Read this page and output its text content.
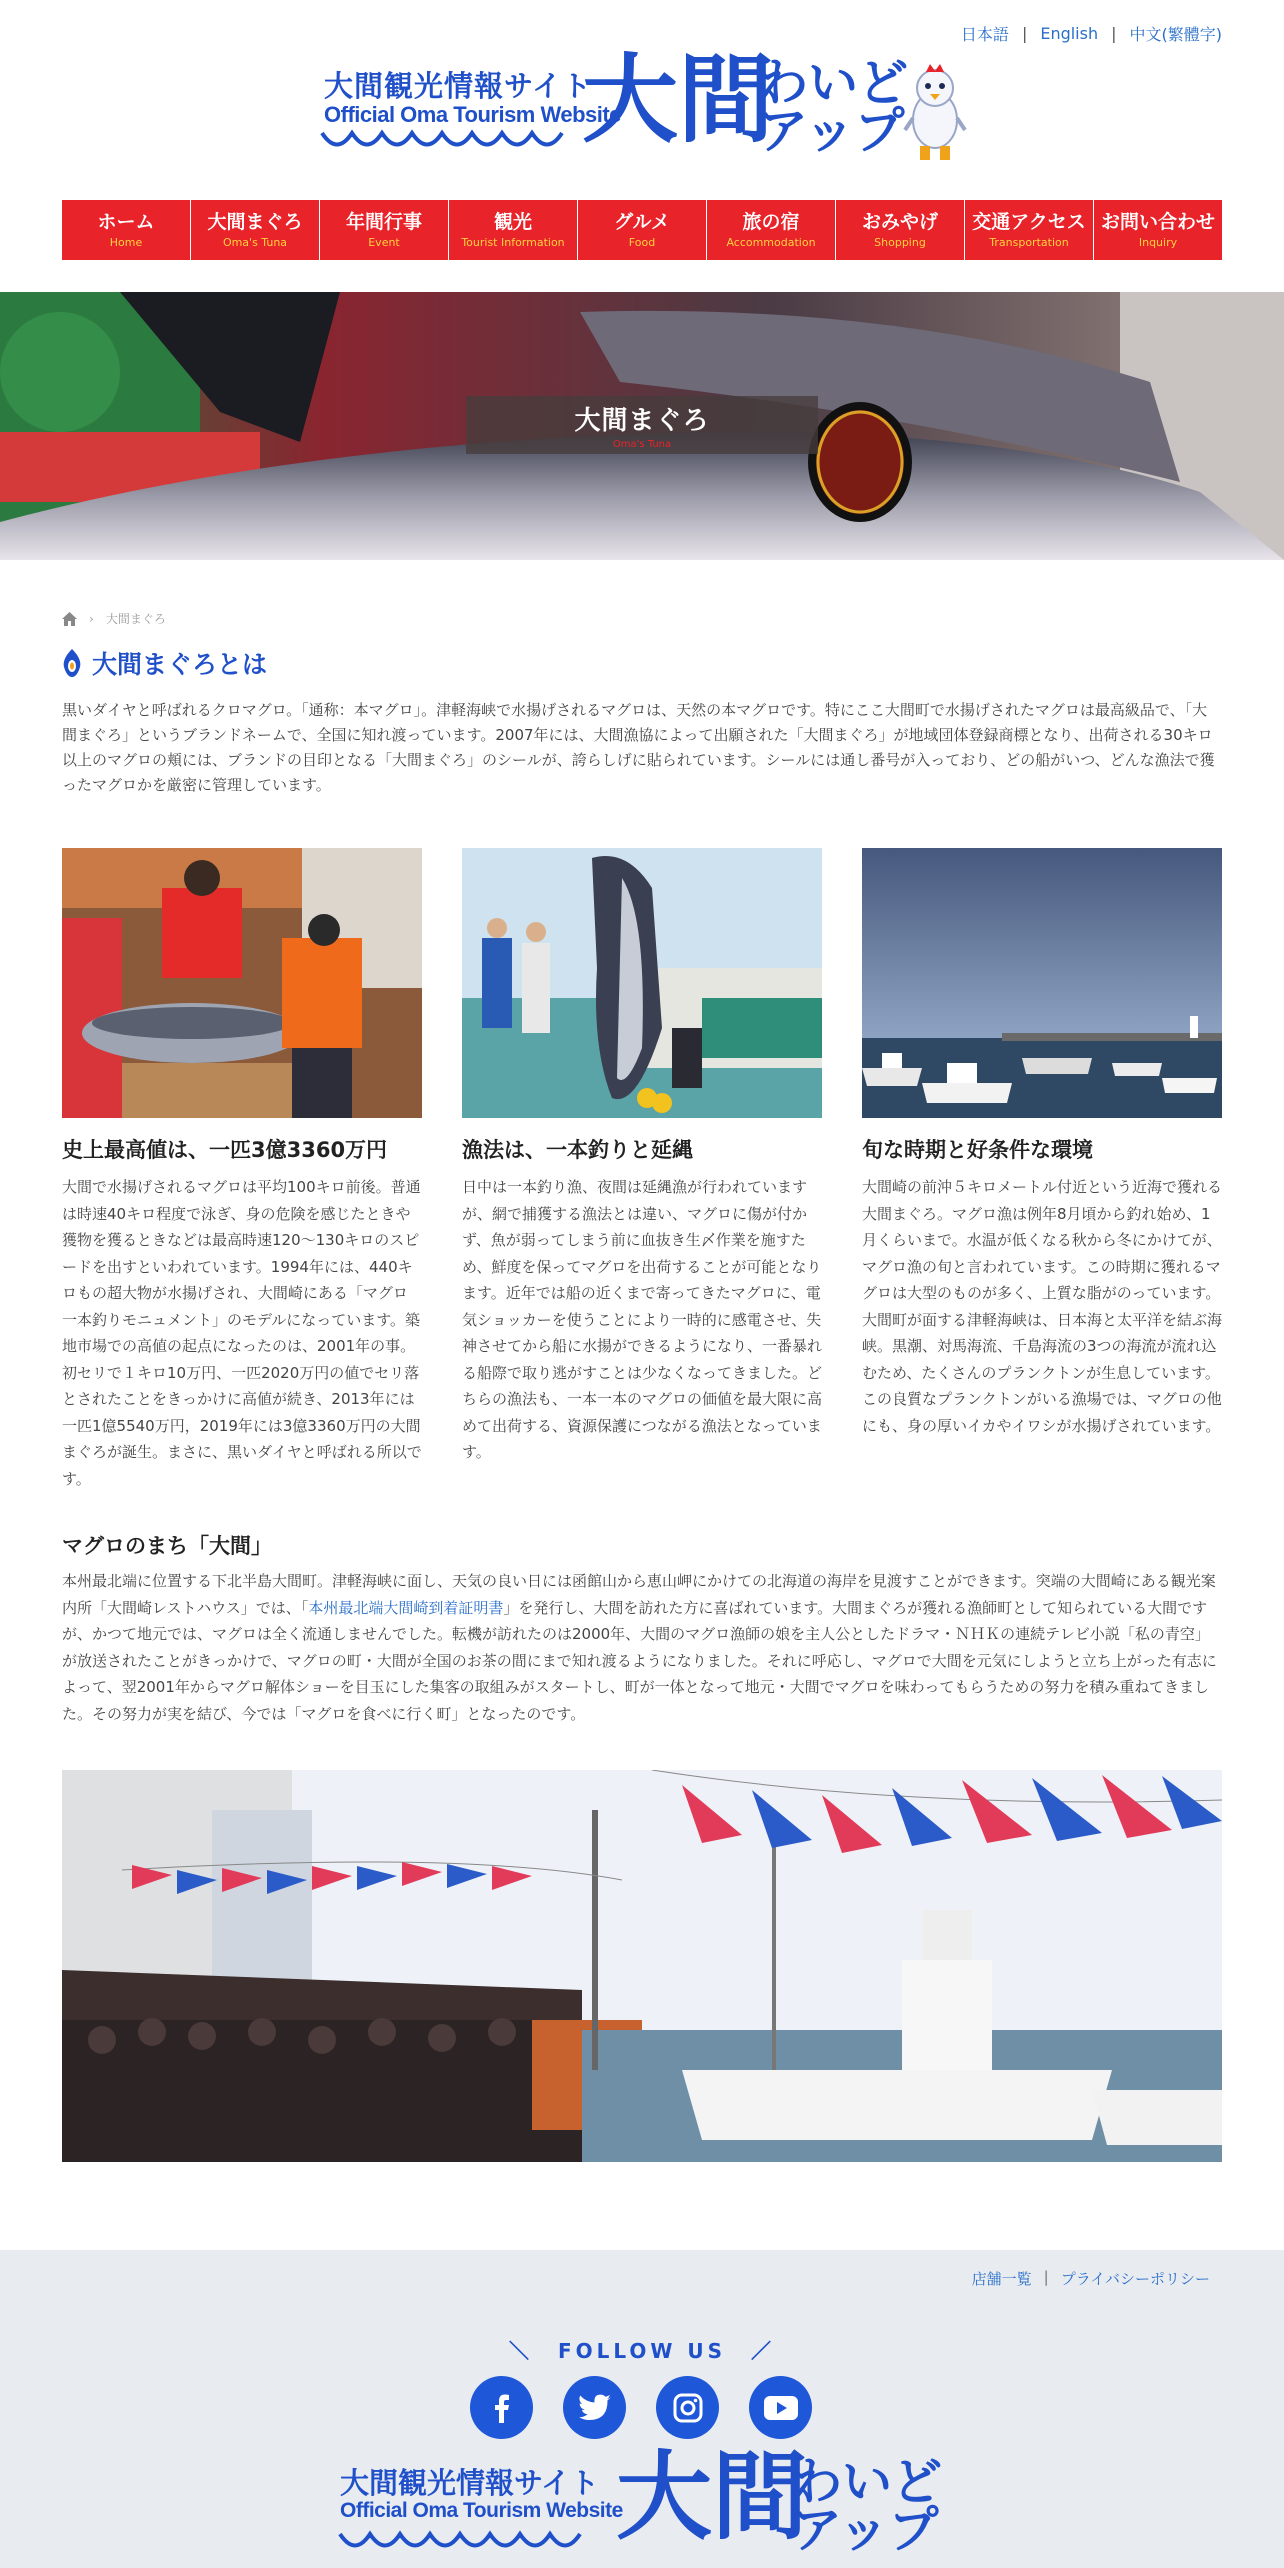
日本語 | English | 中文(繁體字)
大間観光情報サイト
Official Oma Tourism Website
大間
わいど
アップ
ホーム
Home
大間まぐろ
Oma's Tuna
年間行事
Event
観光
Tourist Information
グルメ
Food
旅の宿
Accommodation
おみやげ
Shopping
交通アクセス
Transportation
お問い合わせ
Inquiry
大間まぐろ
Oma's Tuna
› 大間まぐろ
大間まぐろとは

黒いダイヤと呼ばれるクロマグロ。「通称：本マグロ」。津軽海峡で水揚げされるマグロは、天然の本マグロです。特にここ大間町で水揚げされたマグロは最高級品で、「大間まぐろ」というブランドネームで、全国に知れ渡っています。2007年には、大間漁協によって出願された「大間まぐろ」が地域団体登録商標となり、出荷される30キロ以上のマグロの頬には、ブランドの目印となる「大間まぐろ」のシールが、誇らしげに貼られています。シールには通し番号が入っており、どの船がいつ、どんな漁法で獲ったマグロかを厳密に管理しています。

史上最高値は、一匹3億3360万円

大間で水揚げされるマグロは平均100キロ前後。普通は時速40キロ程度で泳ぎ、身の危険を感じたときや獲物を獲るときなどは最高時速120～130キロのスピードを出すといわれています。1994年には、440キロもの超大物が水揚げされ、大間崎にある「マグロ一本釣りモニュメント」のモデルになっています。築地市場での高値の起点になったのは、2001年の事。初セリで１キロ10万円、一匹2020万円の値でセリ落とされたことをきっかけに高値が続き、2013年には一匹1億5540万円，2019年には3億3360万円の大間まぐろが誕生。まさに、黒いダイヤと呼ばれる所以です。

漁法は、一本釣りと延縄

日中は一本釣り漁、夜間は延縄漁が行われていますが、網で捕獲する漁法とは違い、マグロに傷が付かず、魚が弱ってしまう前に血抜き生〆作業を施すため、鮮度を保ってマグロを出荷することが可能となります。近年では船の近くまで寄ってきたマグロに、電気ショッカーを使うことにより一時的に感電させ、失神させてから船に水揚ができるようになり、一番暴れる船際で取り逃がすことは少なくなってきました。どちらの漁法も、一本一本のマグロの価値を最大限に高めて出荷する、資源保護につながる漁法となっています。

旬な時期と好条件な環境

大間崎の前沖５キロメートル付近という近海で獲れる大間まぐろ。マグロ漁は例年8月頃から釣れ始め、1月くらいまで。水温が低くなる秋から冬にかけてが、マグロ漁の旬と言われています。この時期に獲れるマグロは大型のものが多く、上質な脂がのっています。大間町が面する津軽海峡は、日本海と太平洋を結ぶ海峡。黒潮、対馬海流、千島海流の3つの海流が流れ込むため、たくさんのプランクトンが生息しています。この良質なプランクトンがいる漁場では、マグロの他にも、身の厚いイカやイワシが水揚げされています。

マグロのまち「大間」

本州最北端に位置する下北半島大間町。津軽海峡に面し、天気の良い日には函館山から恵山岬にかけての北海道の海岸を見渡すことができます。突端の大間崎にある観光案内所「大間崎レストハウス」では、「本州最北端大間崎到着証明書」を発行し、大間を訪れた方に喜ばれています。大間まぐろが獲れる漁師町として知られている大間ですが、かつて地元では、マグロは全く流通しませんでした。転機が訪れたのは2000年、大間のマグロ漁師の娘を主人公としたドラマ・ＮＨＫの連続テレビ小説「私の青空」が放送されたことがきっかけで、マグロの町・大間が全国のお茶の間にまで知れ渡るようになりました。それに呼応し、マグロで大間を元気にしようと立ち上がった有志によって、翌2001年からマグロ解体ショーを目玉にした集客の取組みがスタートし、町が一体となって地元・大間でマグロを味わってもらうための努力を積み重ねてきました。その努力が実を結び、今では「マグロを食べに行く町」となったのです。

店舗一覧 | プライバシーポリシー
＼ FOLLOW US ／
大間観光情報サイト
Official Oma Tourism Website
大間
わいど
アップ
